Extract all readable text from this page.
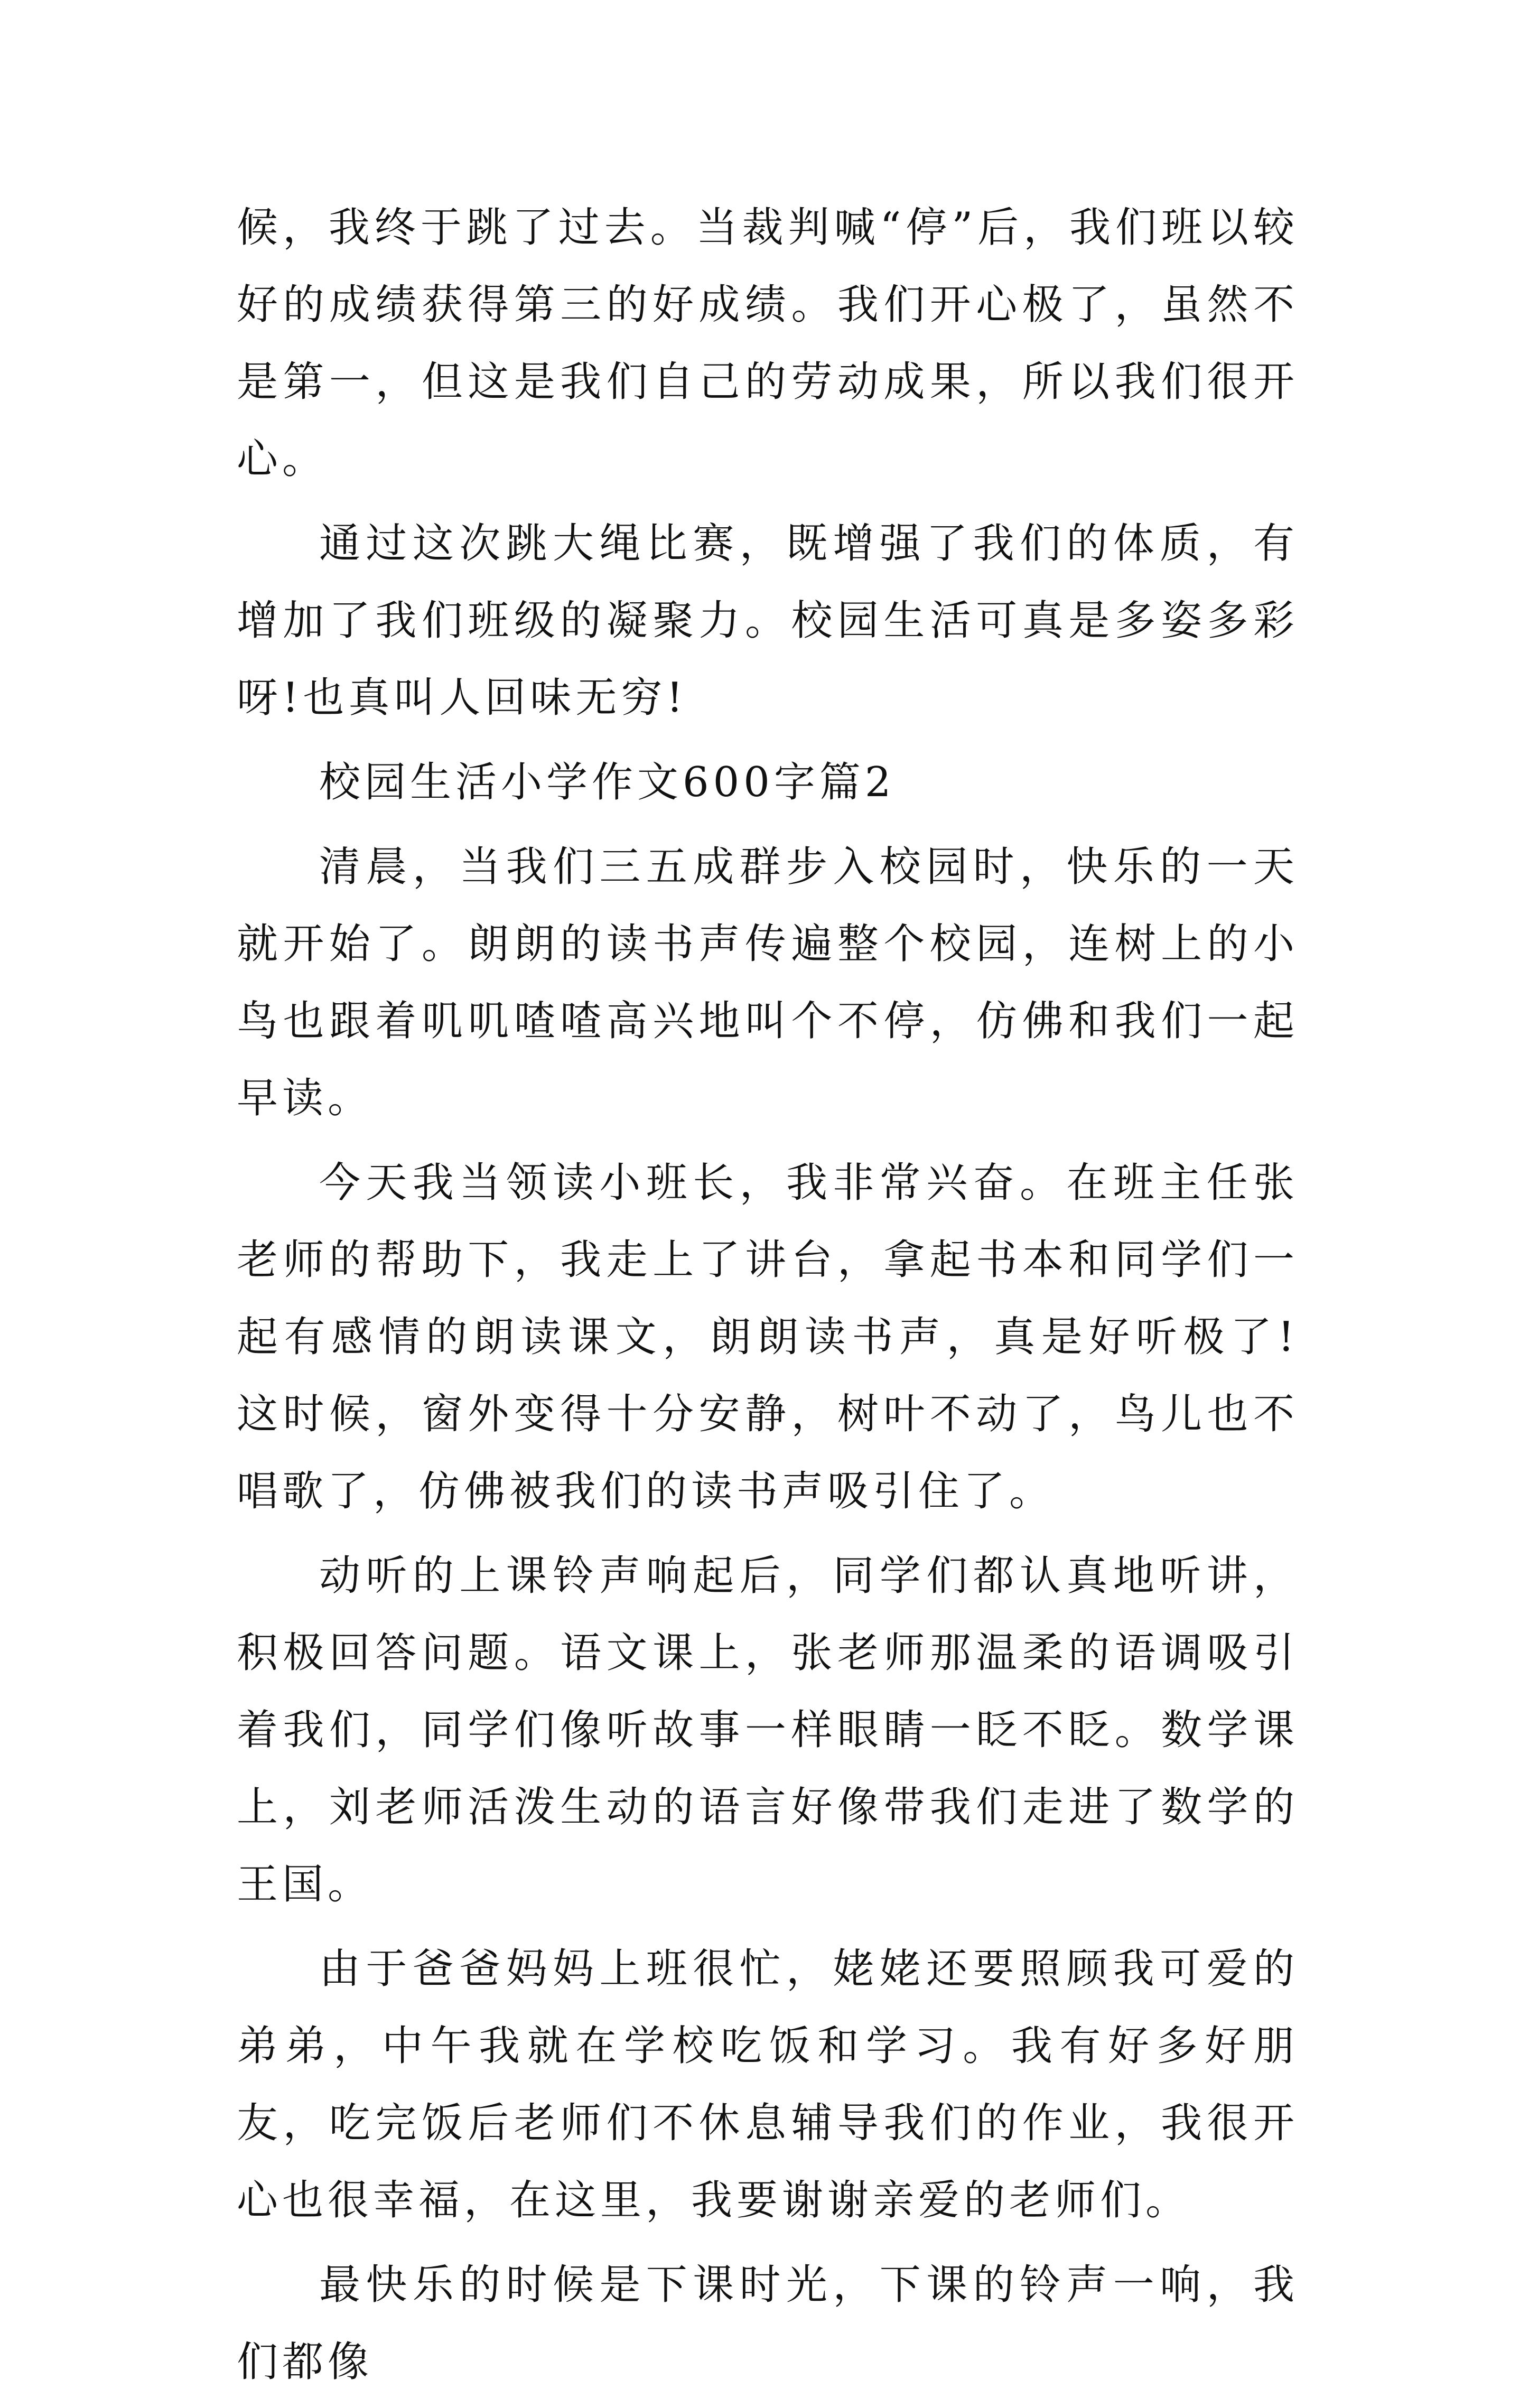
候，我终于跳了过去。当裁判喊“停”后，我们班以较好的成绩获得第三的好成绩。我们开心极了，虽然不是第一，但这是我们自己的劳动成果，所以我们很开心。

通过这次跳大绳比赛，既增强了我们的体质，有增加了我们班级的凝聚力。校园生活可真是多姿多彩呀!也真叫人回味无穷!

校园生活小学作文600字篇2

清晨，当我们三五成群步入校园时，快乐的一天就开始了。朗朗的读书声传遍整个校园，连树上的小鸟也跟着叽叽喳喳高兴地叫个不停，仿佛和我们一起早读。

今天我当领读小班长，我非常兴奋。在班主任张老师的帮助下，我走上了讲台，拿起书本和同学们一起有感情的朗读课文，朗朗读书声，真是好听极了!这时候，窗外变得十分安静，树叶不动了，鸟儿也不唱歌了，仿佛被我们的读书声吸引住了。

动听的上课铃声响起后，同学们都认真地听讲，积极回答问题。语文课上，张老师那温柔的语调吸引着我们，同学们像听故事一样眼睛一眨不眨。数学课上，刘老师活泼生动的语言好像带我们走进了数学的王国。

由于爸爸妈妈上班很忙，姥姥还要照顾我可爱的弟弟，中午我就在学校吃饭和学习。我有好多好朋友，吃完饭后老师们不休息辅导我们的作业，我很开心也很幸福，在这里，我要谢谢亲爱的老师们。

最快乐的时候是下课时光，下课的铃声一响，我们都像
